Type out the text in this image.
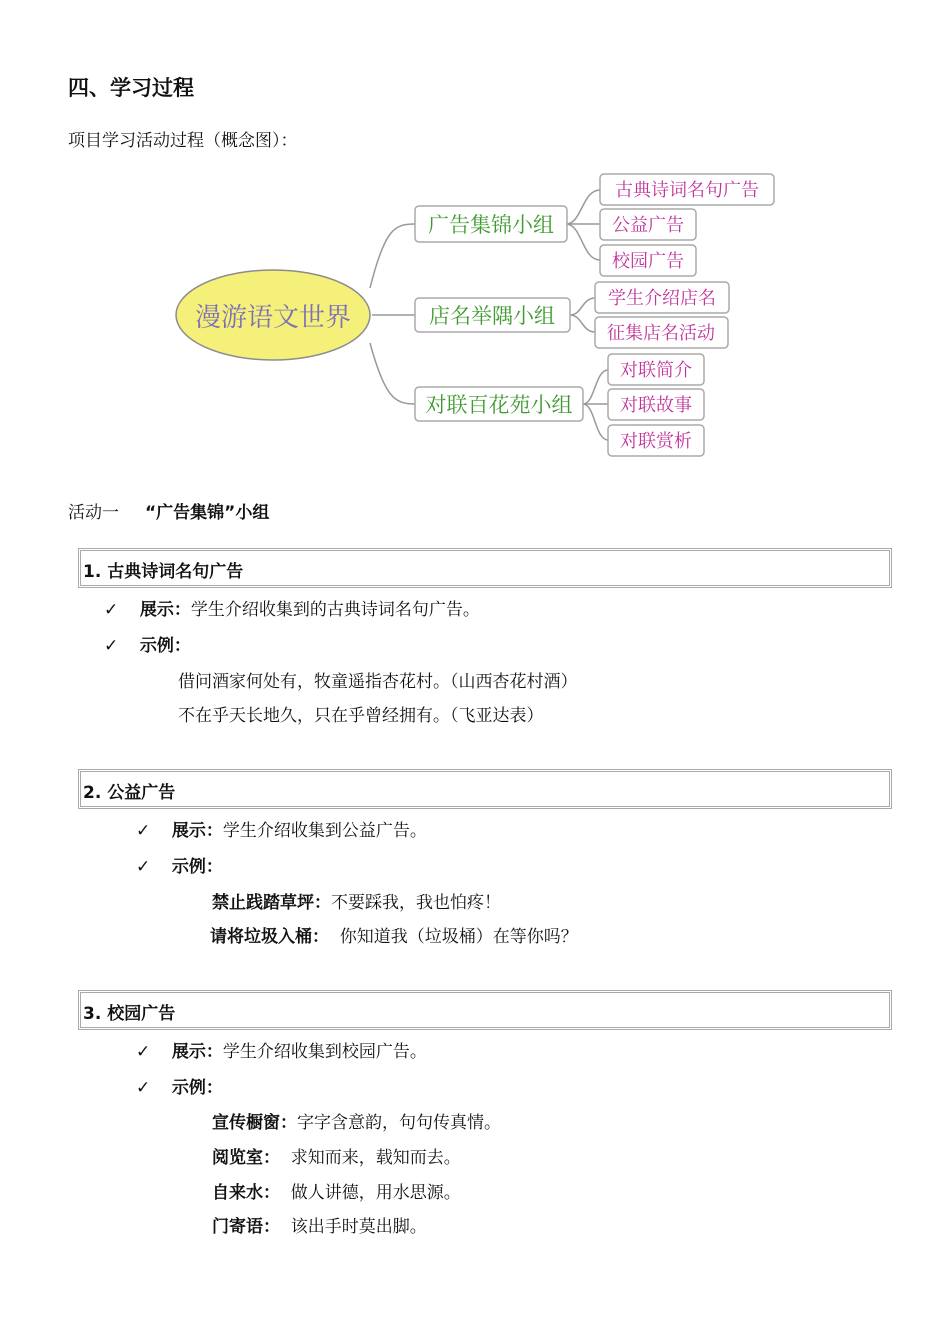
四、学习过程
项目学习活动过程（概念图）：
漫游语文世界
广告集锦小组
店名举隅小组
对联百花苑小组
古典诗词名句广告
公益广告
校园广告
学生介绍店名
征集店名活动
对联简介
对联故事
对联赏析
活动一 “广告集锦”小组
1. 古典诗词名句广告
✓ 展示：学生介绍收集到的古典诗词名句广告。
✓ 示例：
借问酒家何处有，牧童遥指杏花村。（山西杏花村酒）
不在乎天长地久，只在乎曾经拥有。（飞亚达表）
2. 公益广告
✓ 展示：学生介绍收集到公益广告。
✓ 示例：
禁止践踏草坪：不要踩我，我也怕疼！
请将垃圾入桶：  你知道我（垃圾桶）在等你吗？
3. 校园广告
✓ 展示：学生介绍收集到校园广告。
✓ 示例：
宣传橱窗：字字含意韵，句句传真情。
阅览室：  求知而来，载知而去。
自来水：  做人讲德，用水思源。
门寄语：  该出手时莫出脚。
